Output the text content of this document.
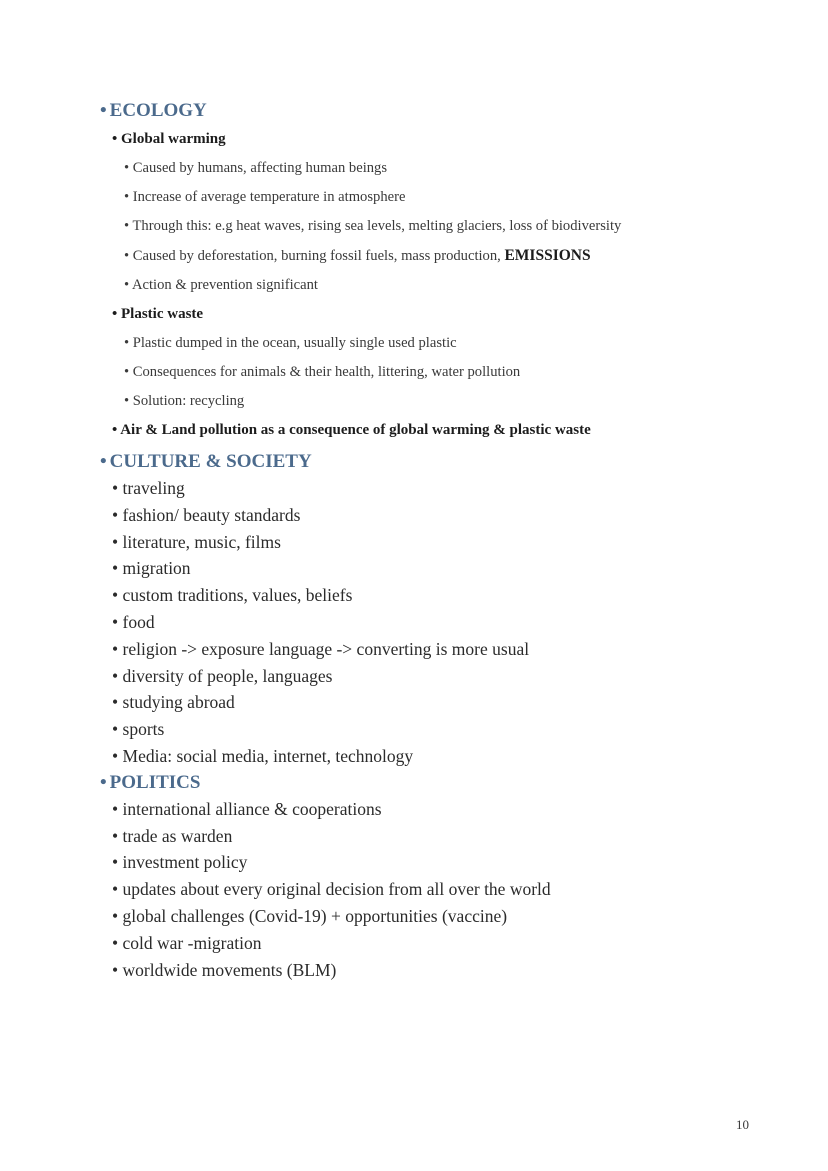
• ECOLOGY
• Global warming
• Caused by humans, affecting human beings
• Increase of average temperature in atmosphere
• Through this: e.g heat waves, rising sea levels, melting glaciers, loss of biodiversity
• Caused by deforestation, burning fossil fuels, mass production, EMISSIONS
• Action & prevention significant
• Plastic waste
• Plastic dumped in the ocean, usually single used plastic
• Consequences for animals & their health, littering, water pollution
• Solution: recycling
• Air & Land pollution as a consequence of global warming & plastic waste
• CULTURE & SOCIETY
• traveling
• fashion/ beauty standards
• literature, music, films
• migration
• custom traditions, values, beliefs
• food
• religion -> exposure language -> converting is more usual
• diversity of people, languages
• studying abroad
• sports
• Media: social media, internet, technology
• POLITICS
• international alliance & cooperations
• trade as warden
• investment policy
• updates about every original decision from all over the world
• global challenges (Covid-19) + opportunities (vaccine)
• cold war -migration
• worldwide movements (BLM)
10
